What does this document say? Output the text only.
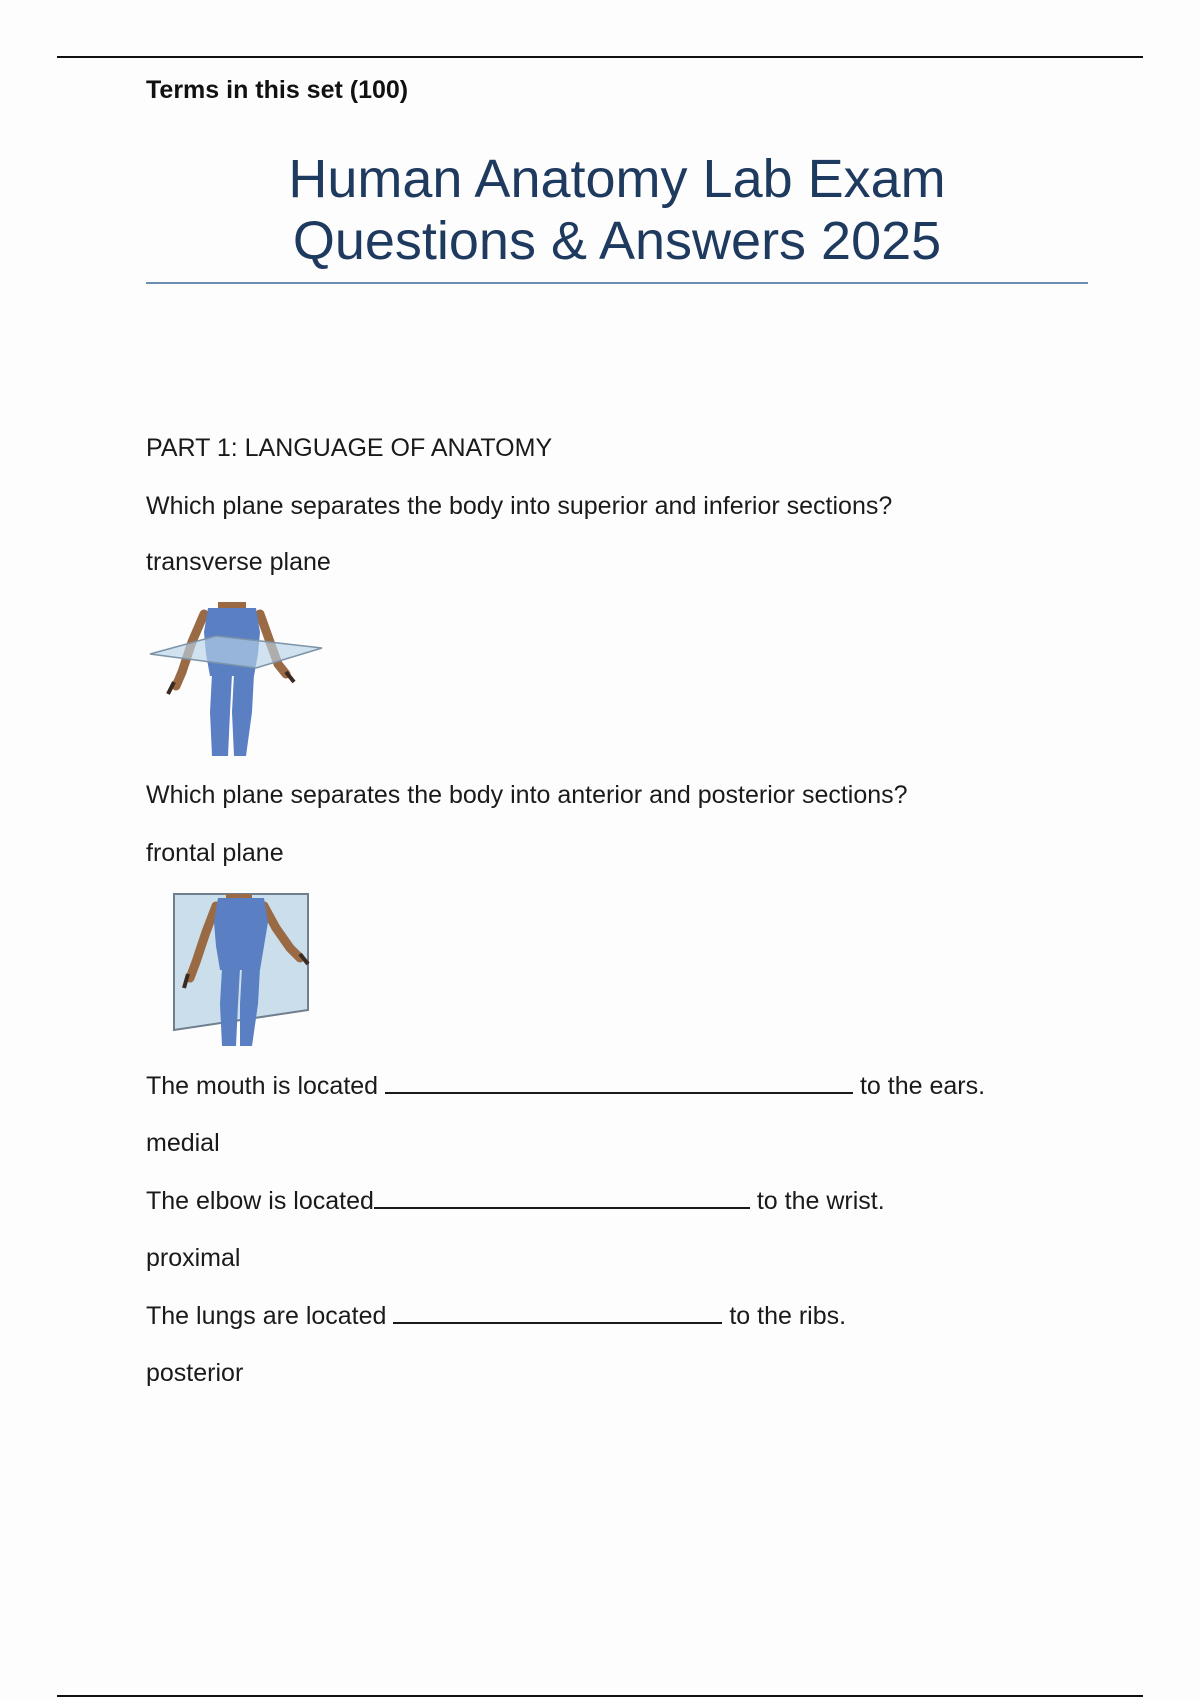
Terms in this set (100)
Human Anatomy Lab Exam
Questions & Answers 2025
PART 1: LANGUAGE OF ANATOMY
Which plane separates the body into superior and inferior sections?
transverse plane
Which plane separates the body into anterior and posterior sections?
frontal plane
The mouth is located	to the ears.
medial
The elbow is located	to the wrist.
proximal
The lungs are located	to the ribs.
posterior
